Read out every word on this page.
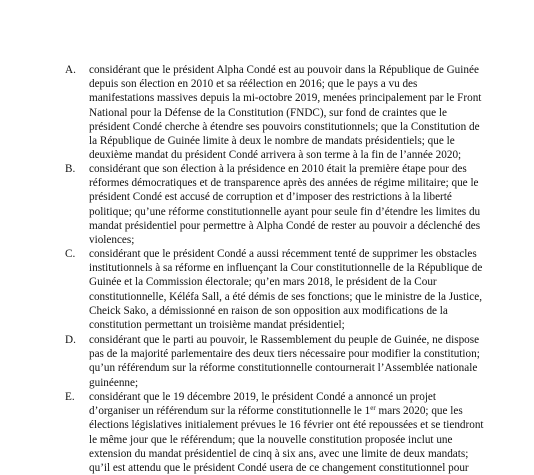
A. considérant que le président Alpha Condé est au pouvoir dans la République de Guinée
depuis son élection en 2010 et sa réélection en 2016; que le pays a vu des
manifestations massives depuis la mi-octobre 2019, menées principalement par le Front
National pour la Défense de la Constitution (FNDC), sur fond de craintes que le
président Condé cherche à étendre ses pouvoirs constitutionnels; que la Constitution de
la République de Guinée limite à deux le nombre de mandats présidentiels; que le
deuxième mandat du président Condé arrivera à son terme à la fin de l’année 2020;
B. considérant que son élection à la présidence en 2010 était la première étape pour des
réformes démocratiques et de transparence après des années de régime militaire; que le
président Condé est accusé de corruption et d’imposer des restrictions à la liberté
politique; qu’une réforme constitutionnelle ayant pour seule fin d’étendre les limites du
mandat présidentiel pour permettre à Alpha Condé de rester au pouvoir a déclenché des
violences;
C. considérant que le président Condé a aussi récemment tenté de supprimer les obstacles
institutionnels à sa réforme en influençant la Cour constitutionnelle de la République de
Guinée et la Commission électorale; qu’en mars 2018, le président de la Cour
constitutionnelle, Kéléfa Sall, a été démis de ses fonctions; que le ministre de la Justice,
Cheick Sako, a démissionné en raison de son opposition aux modifications de la
constitution permettant un troisième mandat présidentiel;
D. considérant que le parti au pouvoir, le Rassemblement du peuple de Guinée, ne dispose
pas de la majorité parlementaire des deux tiers nécessaire pour modifier la constitution;
qu’un référendum sur la réforme constitutionnelle contournerait l’Assemblée nationale
guinéenne;
E. considérant que le 19 décembre 2019, le président Condé a annoncé un projet
d’organiser un référendum sur la réforme constitutionnelle le 1er mars 2020; que les
élections législatives initialement prévues le 16 février ont été repoussées et se tiendront
le même jour que le référendum; que la nouvelle constitution proposée inclut une
extension du mandat présidentiel de cinq à six ans, avec une limite de deux mandats;
qu’il est attendu que le président Condé usera de ce changement constitutionnel pour
